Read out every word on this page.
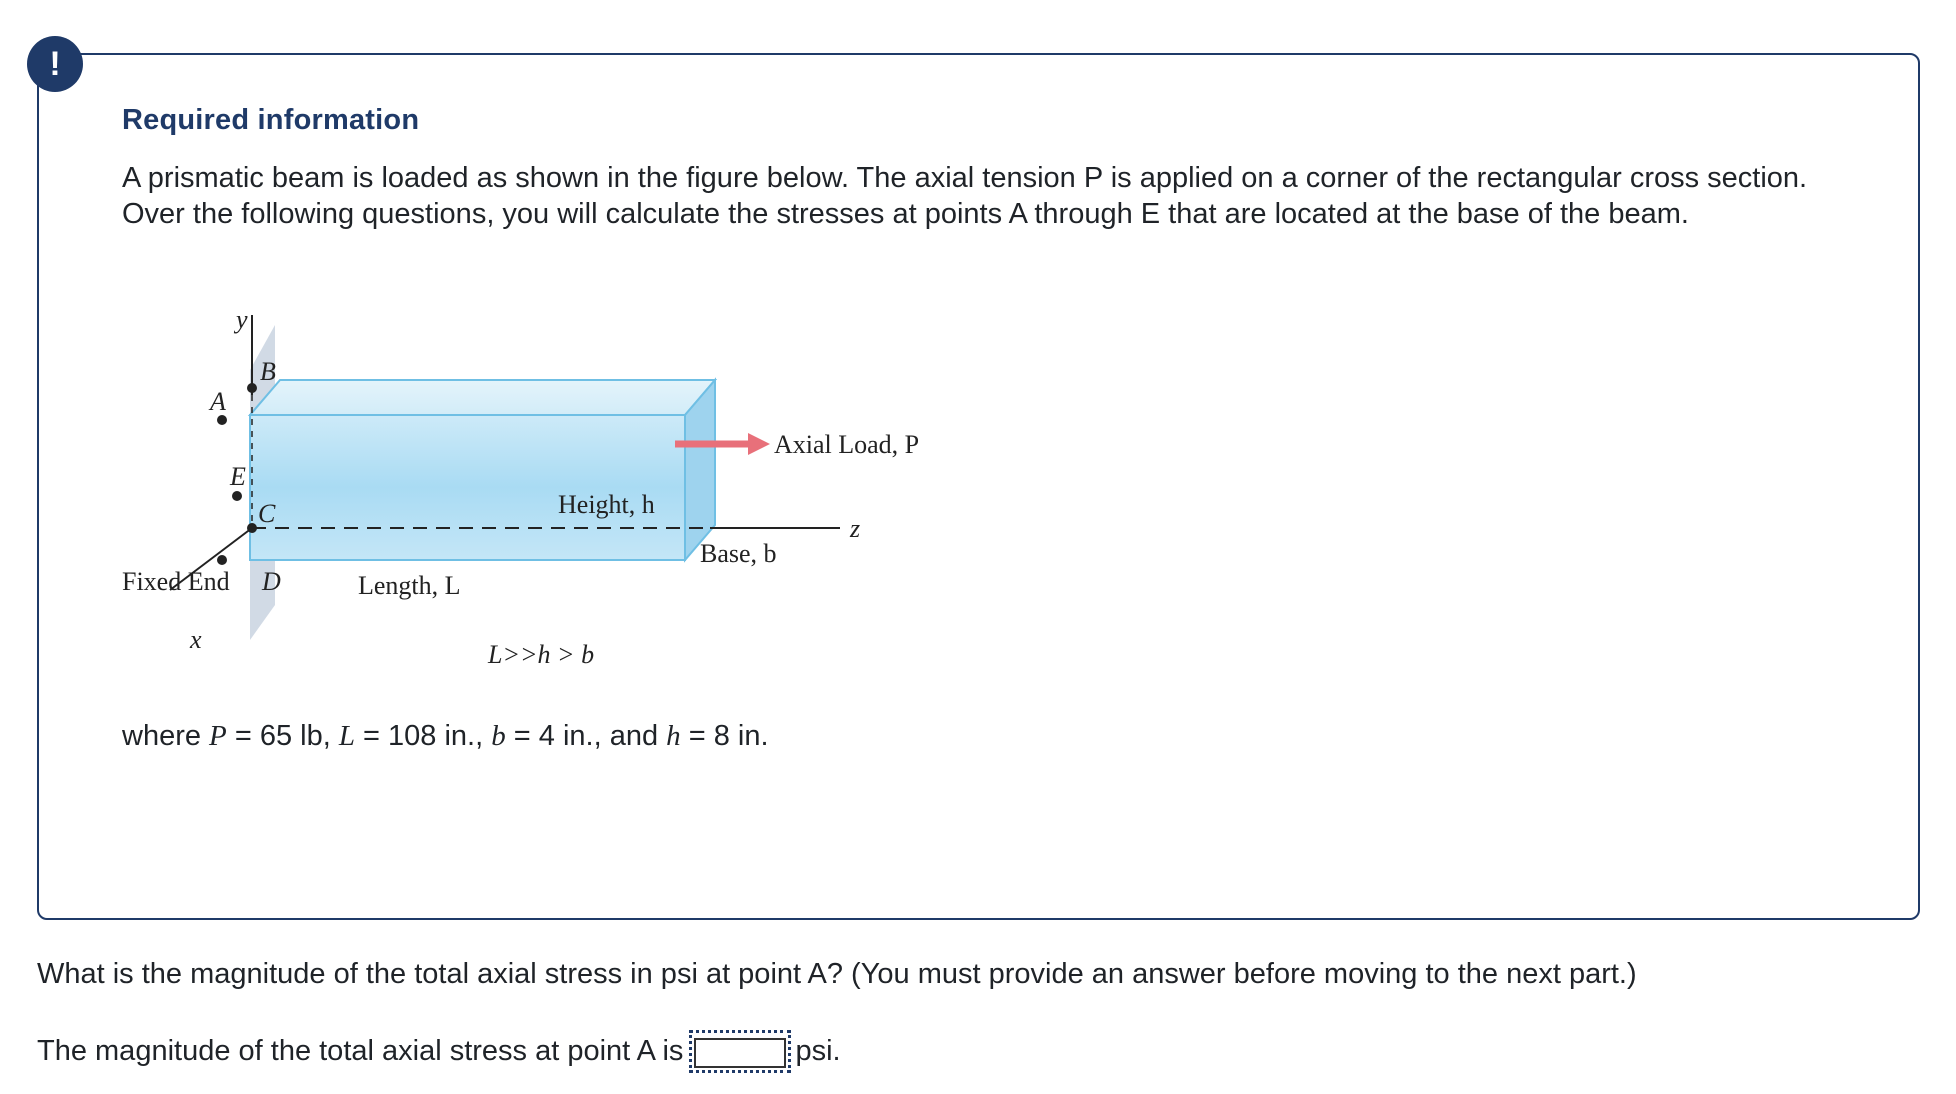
!
Required information
A prismatic beam is loaded as shown in the figure below. The axial tension P is applied on a corner of the rectangular cross section. Over the following questions, you will calculate the stresses at points A through E that are located at the base of the beam.
y
B
A
E
C
D
Fixed End	Length, L
Height, h
Base, b
Axial Load, P
z
x
L>>h > b
where P = 65 lb, L = 108 in., b = 4 in., and h = 8 in.
What is the magnitude of the total axial stress in psi at point A? (You must provide an answer before moving to the next part.)
The magnitude of the total axial stress at point A is	psi.
